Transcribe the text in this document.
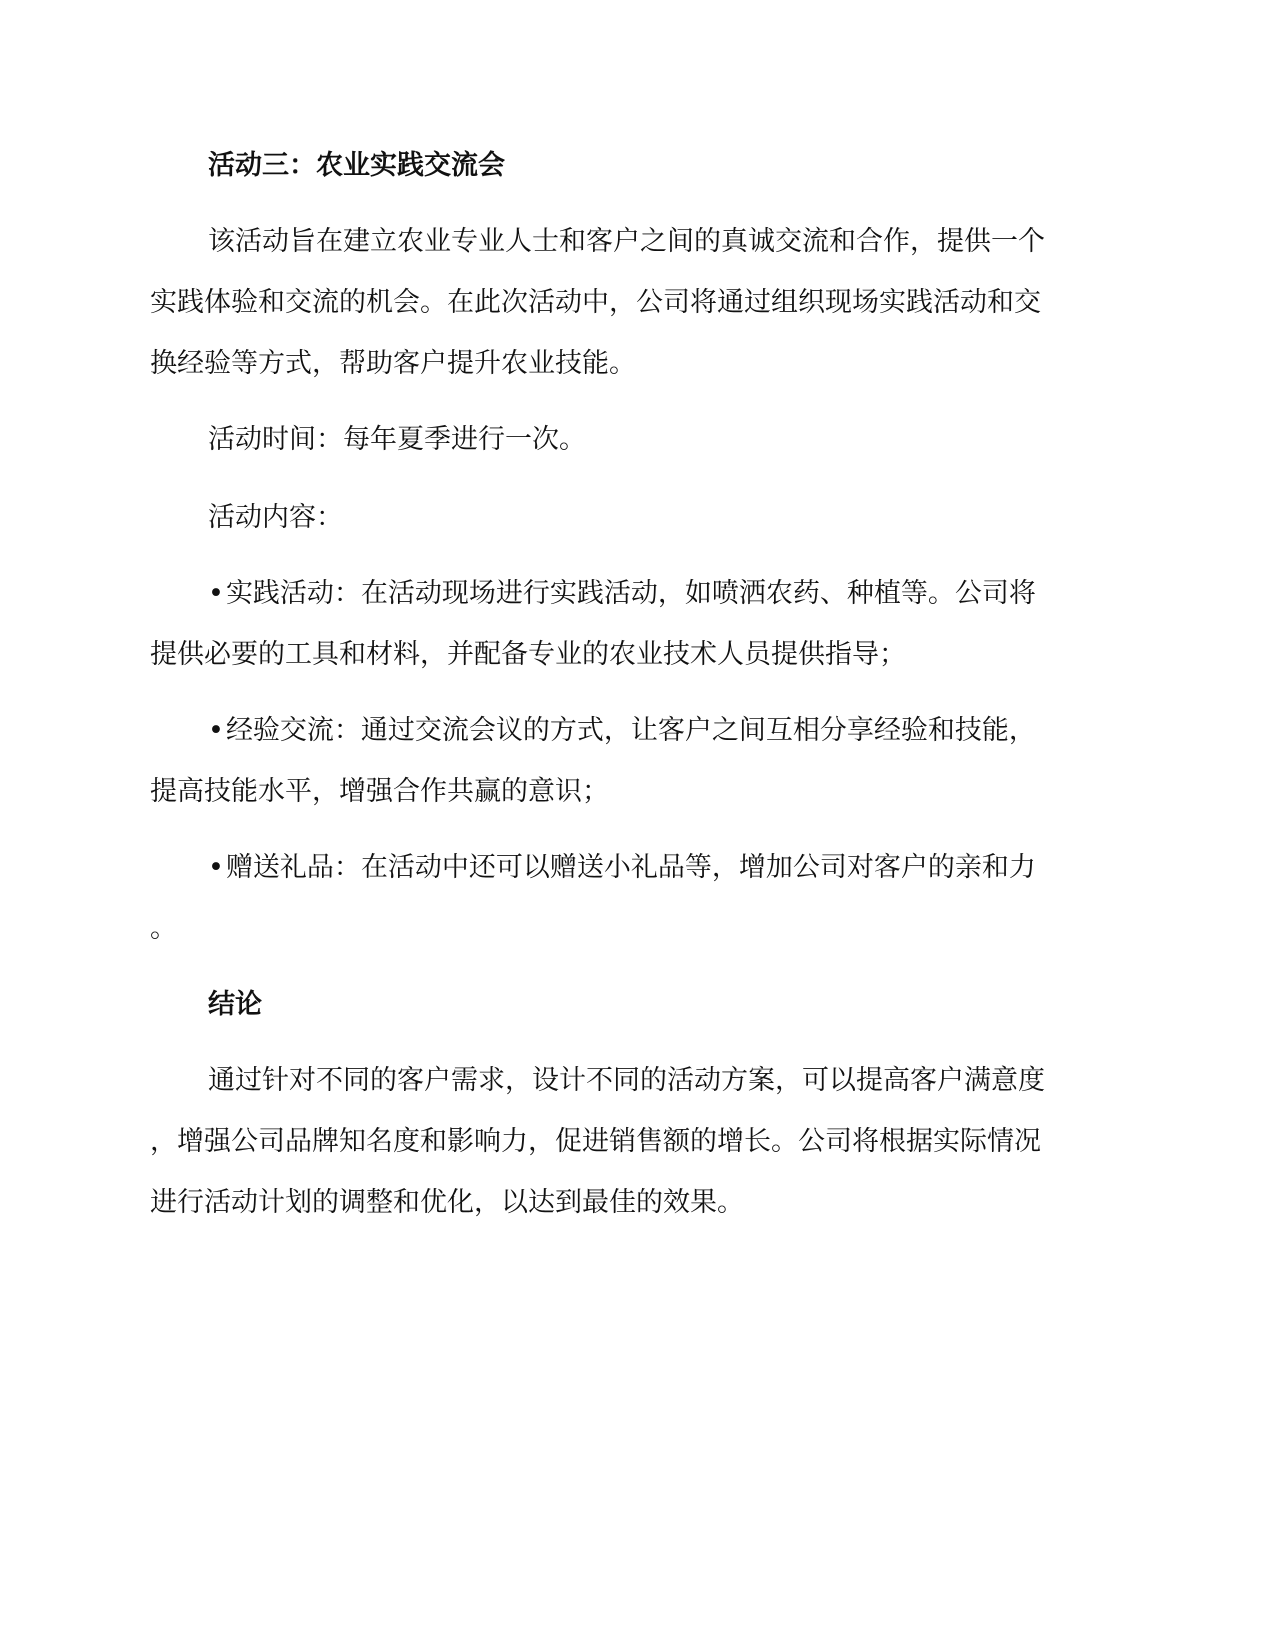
活动三：农业实践交流会

该活动旨在建立农业专业人士和客户之间的真诚交流和合作，提供一个

实践体验和交流的机会。在此次活动中，公司将通过组织现场实践活动和交

换经验等方式，帮助客户提升农业技能。

活动时间：每年夏季进行一次。

活动内容：

•实践活动：在活动现场进行实践活动，如喷洒农药、种植等。公司将

提供必要的工具和材料，并配备专业的农业技术人员提供指导；

•经验交流：通过交流会议的方式，让客户之间互相分享经验和技能，

提高技能水平，增强合作共赢的意识；

•赠送礼品：在活动中还可以赠送小礼品等，增加公司对客户的亲和力

。

结论

通过针对不同的客户需求，设计不同的活动方案，可以提高客户满意度

，增强公司品牌知名度和影响力，促进销售额的增长。公司将根据实际情况

进行活动计划的调整和优化，以达到最佳的效果。
